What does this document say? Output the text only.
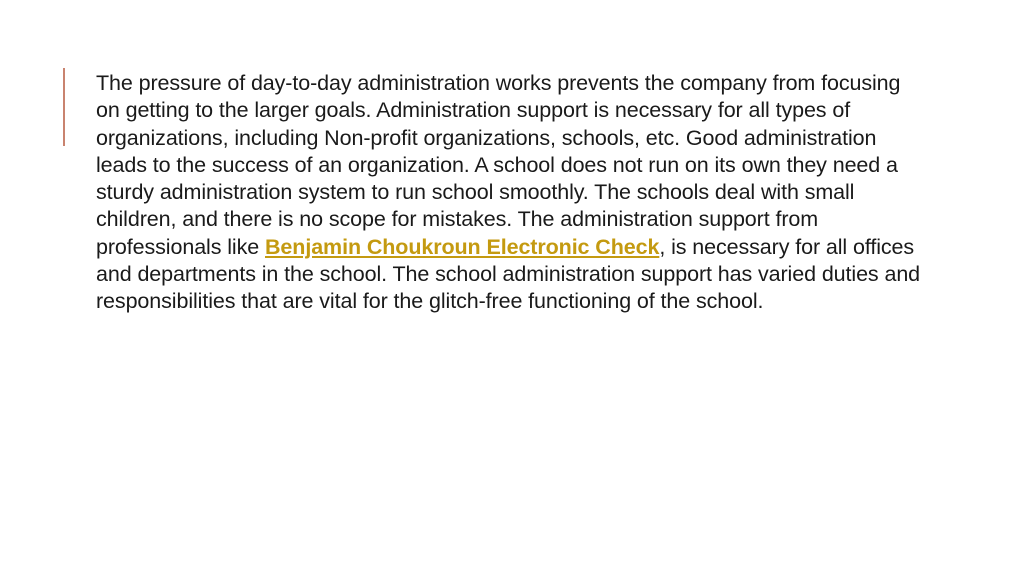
The pressure of day-to-day administration works prevents the company from focusing on getting to the larger goals. Administration support is necessary for all types of organizations, including Non-profit organizations, schools, etc. Good administration leads to the success of an organization. A school does not run on its own they need a sturdy administration system to run school smoothly. The schools deal with small children, and there is no scope for mistakes. The administration support from professionals like Benjamin Choukroun Electronic Check, is necessary for all offices and departments in the school. The school administration support has varied duties and responsibilities that are vital for the glitch-free functioning of the school.
